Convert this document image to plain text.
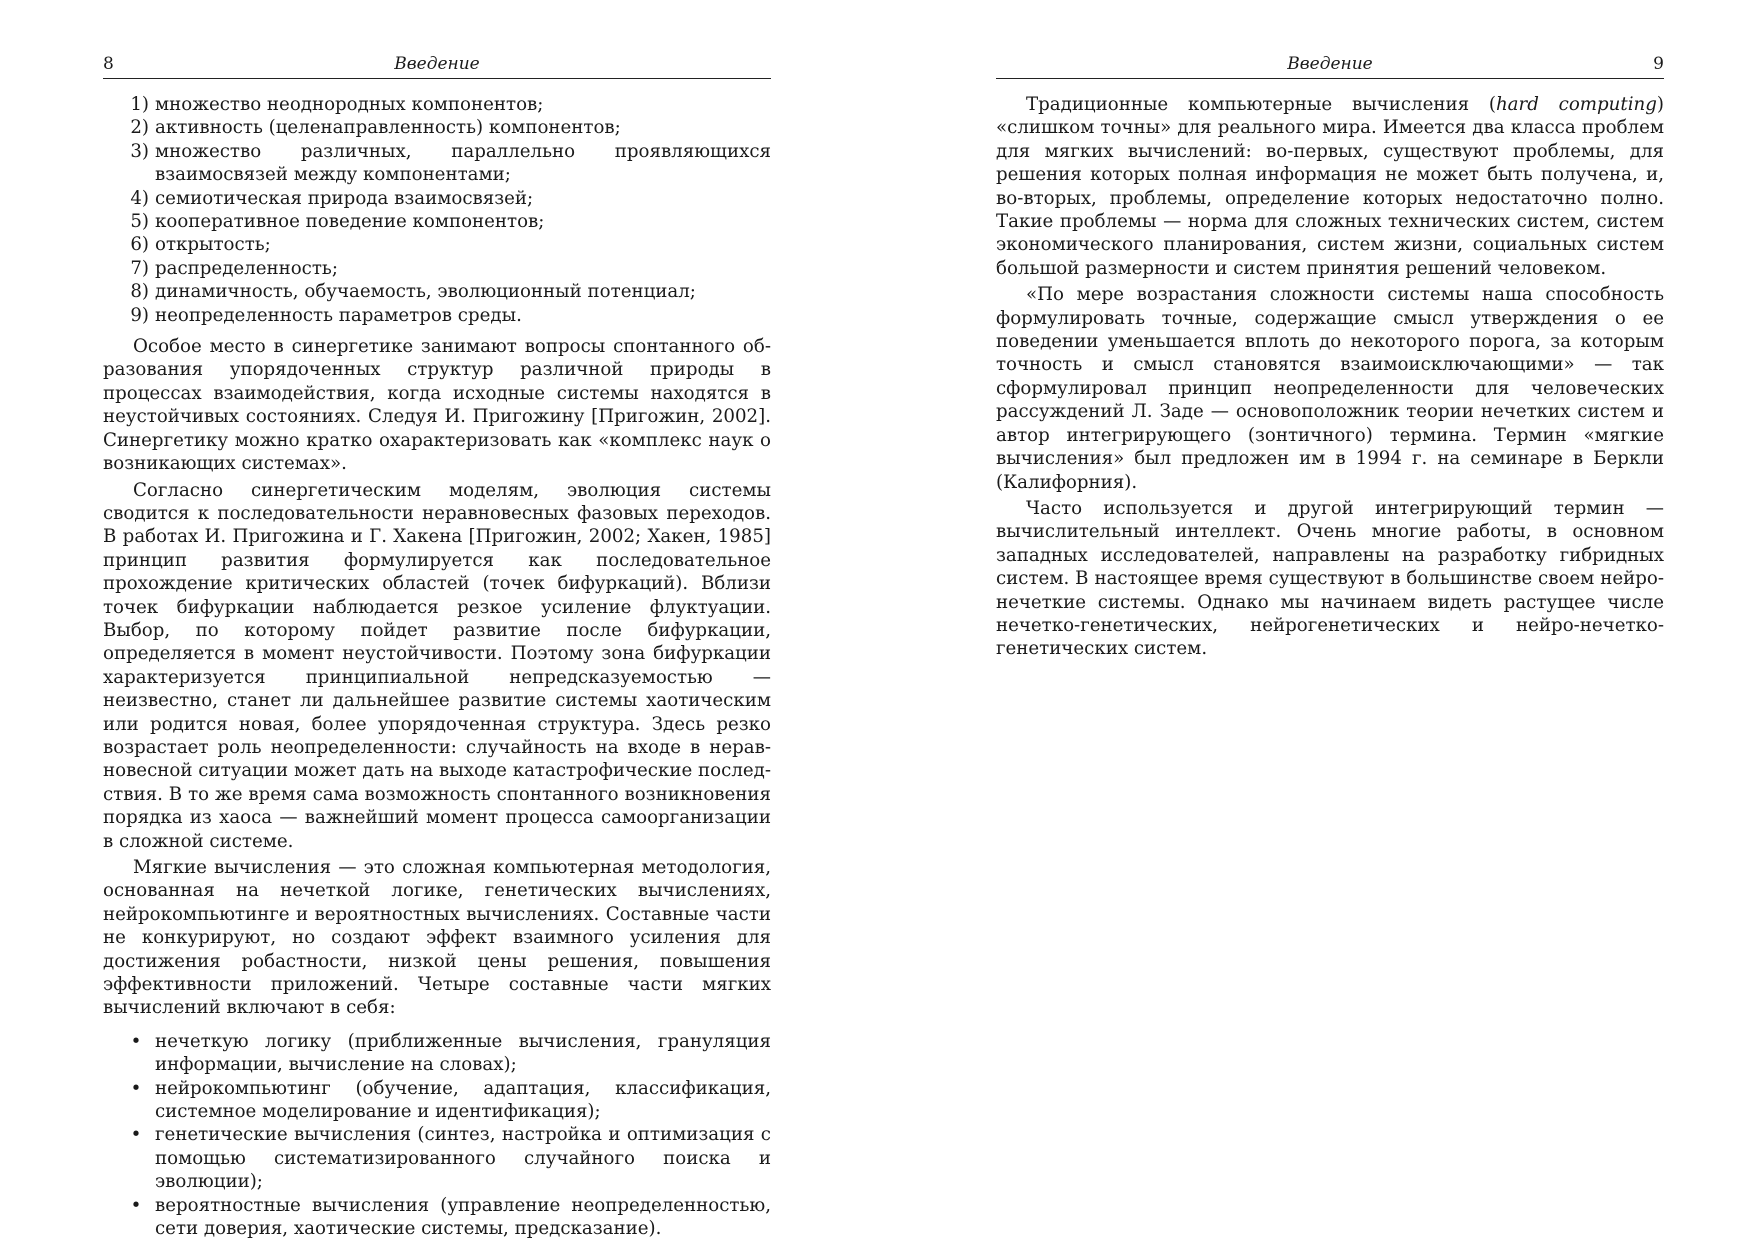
8	Введение
1) множество неоднородных компонентов;
2) активность (целенаправленность) компонентов;
3) множество различных, параллельно проявляющихся взаимосвязей между компонентами;
4) семиотическая природа взаимосвязей;
5) кооперативное поведение компонентов;
6) открытость;
7) распределенность;
8) динамичность, обучаемость, эволюционный потенциал;
9) неопределенность параметров среды.

Особое место в синергетике занимают вопросы спонтанного образования упорядоченных структур различной природы в процессах взаимодействия, когда исходные системы находятся в неустойчивых состояниях. Следуя И. Пригожину [Пригожин, 2002]. Синергетику можно кратко охарактеризовать как «комплекс наук о возникающих системах».

Согласно синергетическим моделям, эволюция системы сводится к последовательности неравновесных фазовых переходов. В работах И. Пригожина и Г. Хакена [Пригожин, 2002; Хакен, 1985] принцип развития формулируется как последовательное прохождение критических областей (точек бифуркаций). Вблизи точек бифуркации наблюдается резкое усиление флуктуации. Выбор, по которому пойдет развитие после бифуркации, определяется в момент неустойчивости. Поэтому зона бифуркации характеризуется принципиальной непредсказуемостью — неизвестно, станет ли дальнейшее развитие системы хаотическим или родится новая, более упорядоченная структура. Здесь резко возрастает роль неопределенности: случайность на входе в неравновесной ситуации может дать на выходе катастрофические последствия. В то же время сама возможность спонтанного возникновения порядка из хаоса — важнейший момент процесса самоорганизации в сложной системе.

Мягкие вычисления — это сложная компьютерная методология, основанная на нечеткой логике, генетических вычислениях, нейрокомпьютинге и вероятностных вычислениях. Составные части не конкурируют, но создают эффект взаимного усиления для достижения робастности, низкой цены решения, повышения эффективности приложений. Четыре составные части мягких вычислений включают в себя:

• нечеткую логику (приближенные вычисления, грануляция информации, вычисление на словах);
• нейрокомпьютинг (обучение, адаптация, классификация, системное моделирование и идентификация);
• генетические вычисления (синтез, настройка и оптимизация с помощью систематизированного случайного поиска и эволюции);
• вероятностные вычисления (управление неопределенностью, сети доверия, хаотические системы, предсказание).
Введение	9

Традиционные компьютерные вычисления (hard computing) «слишком точны» для реального мира. Имеется два класса проблем для мягких вычислений: во-первых, существуют проблемы, для решения которых полная информация не может быть получена, и, во-вторых, проблемы, определение которых недостаточно полно. Такие проблемы — норма для сложных технических систем, систем экономического планирования, систем жизни, социальных систем большой размерности и систем принятия решений человеком.

«По мере возрастания сложности системы наша способность формулировать точные, содержащие смысл утверждения о ее поведении уменьшается вплоть до некоторого порога, за которым точность и смысл становятся взаимоисключающими» — так сформулировал принцип неопределенности для человеческих рассуждений Л. Заде — основоположник теории нечетких систем и автор интегрирующего (зонтичного) термина. Термин «мягкие вычисления» был предложен им в 1994 г. на семинаре в Беркли (Калифорния).

Часто используется и другой интегрирующий термин — вычислительный интеллект. Очень многие работы, в основном западных исследователей, направлены на разработку гибридных систем. В настоящее время существуют в большинстве своем нейро-нечеткие системы. Однако мы начинаем видеть растущее числе нечетко-генетических, нейрогенетических и нейро-нечетко-генетических систем.
